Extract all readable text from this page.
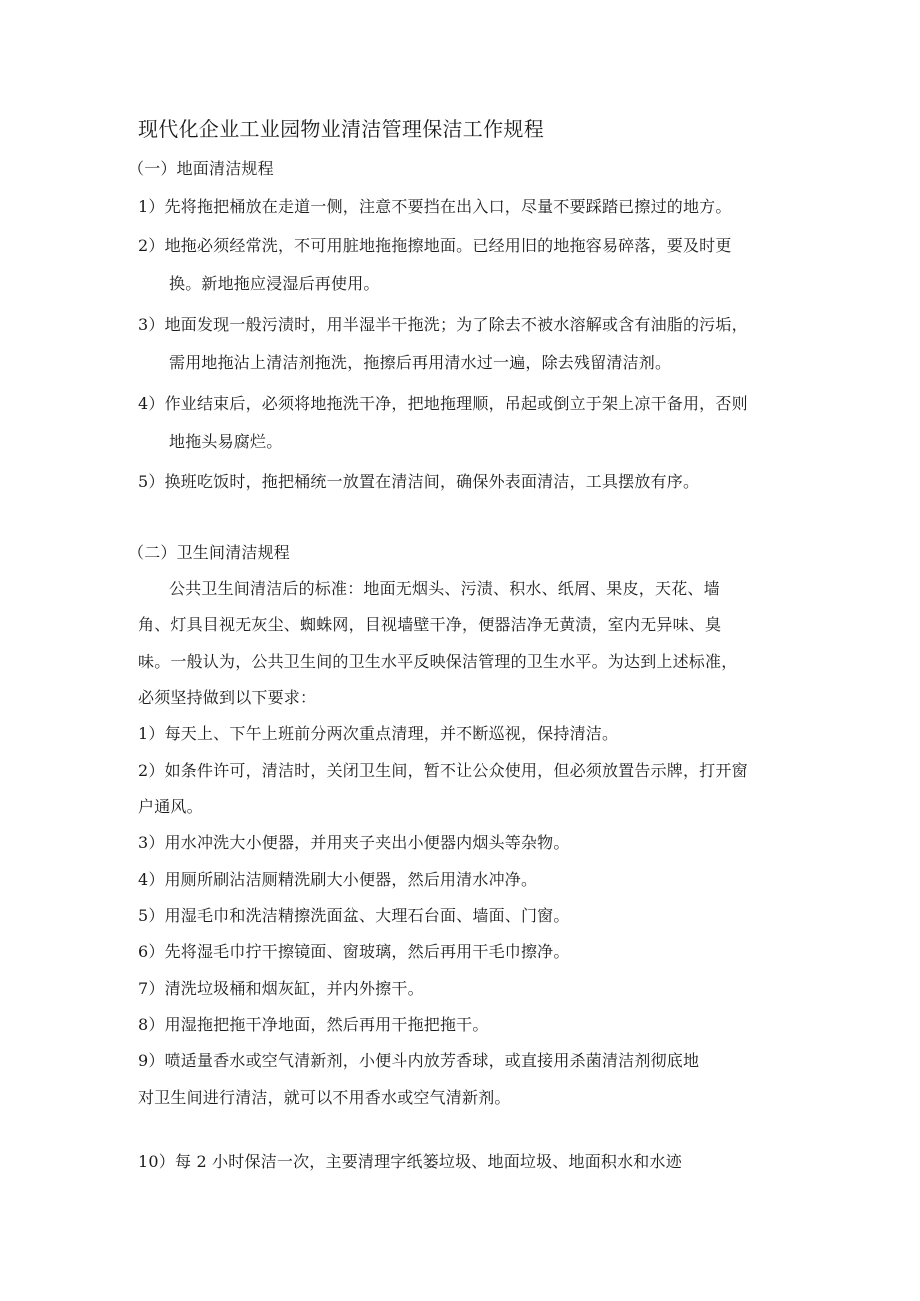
现代化企业工业园物业清洁管理保洁工作规程
（一）地面清洁规程
1）先将拖把桶放在走道一侧，注意不要挡在出入口，尽量不要踩踏已擦过的地方。
2）地拖必须经常洗，不可用脏地拖拖擦地面。已经用旧的地拖容易碎落，要及时更
换。新地拖应浸湿后再使用。
3）地面发现一般污渍时，用半湿半干拖洗；为了除去不被水溶解或含有油脂的污垢，
需用地拖沾上清洁剂拖洗，拖擦后再用清水过一遍，除去残留清洁剂。
4）作业结束后，必须将地拖洗干净，把地拖理顺，吊起或倒立于架上凉干备用，否则
地拖头易腐烂。
5）换班吃饭时，拖把桶统一放置在清洁间，确保外表面清洁，工具摆放有序。
（二）卫生间清洁规程
公共卫生间清洁后的标准：地面无烟头、污渍、积水、纸屑、果皮，天花、墙
角、灯具目视无灰尘、蜘蛛网，目视墙壁干净，便器洁净无黄渍，室内无异味、臭
味。一般认为，公共卫生间的卫生水平反映保洁管理的卫生水平。为达到上述标准，
必须坚持做到以下要求：
1）每天上、下午上班前分两次重点清理，并不断巡视，保持清洁。
2）如条件许可，清洁时，关闭卫生间，暂不让公众使用，但必须放置告示牌，打开窗
户通风。
3）用水冲洗大小便器，并用夹子夹出小便器内烟头等杂物。
4）用厕所刷沾洁厕精洗刷大小便器，然后用清水冲净。
5）用湿毛巾和洗洁精擦洗面盆、大理石台面、墙面、门窗。
6）先将湿毛巾拧干擦镜面、窗玻璃，然后再用干毛巾擦净。
7）清洗垃圾桶和烟灰缸，并内外擦干。
8）用湿拖把拖干净地面，然后再用干拖把拖干。
9）喷适量香水或空气清新剂，小便斗内放芳香球，或直接用杀菌清洁剂彻底地
对卫生间进行清洁，就可以不用香水或空气清新剂。
10）每 2 小时保洁一次，主要清理字纸篓垃圾、地面垃圾、地面积水和水迹
